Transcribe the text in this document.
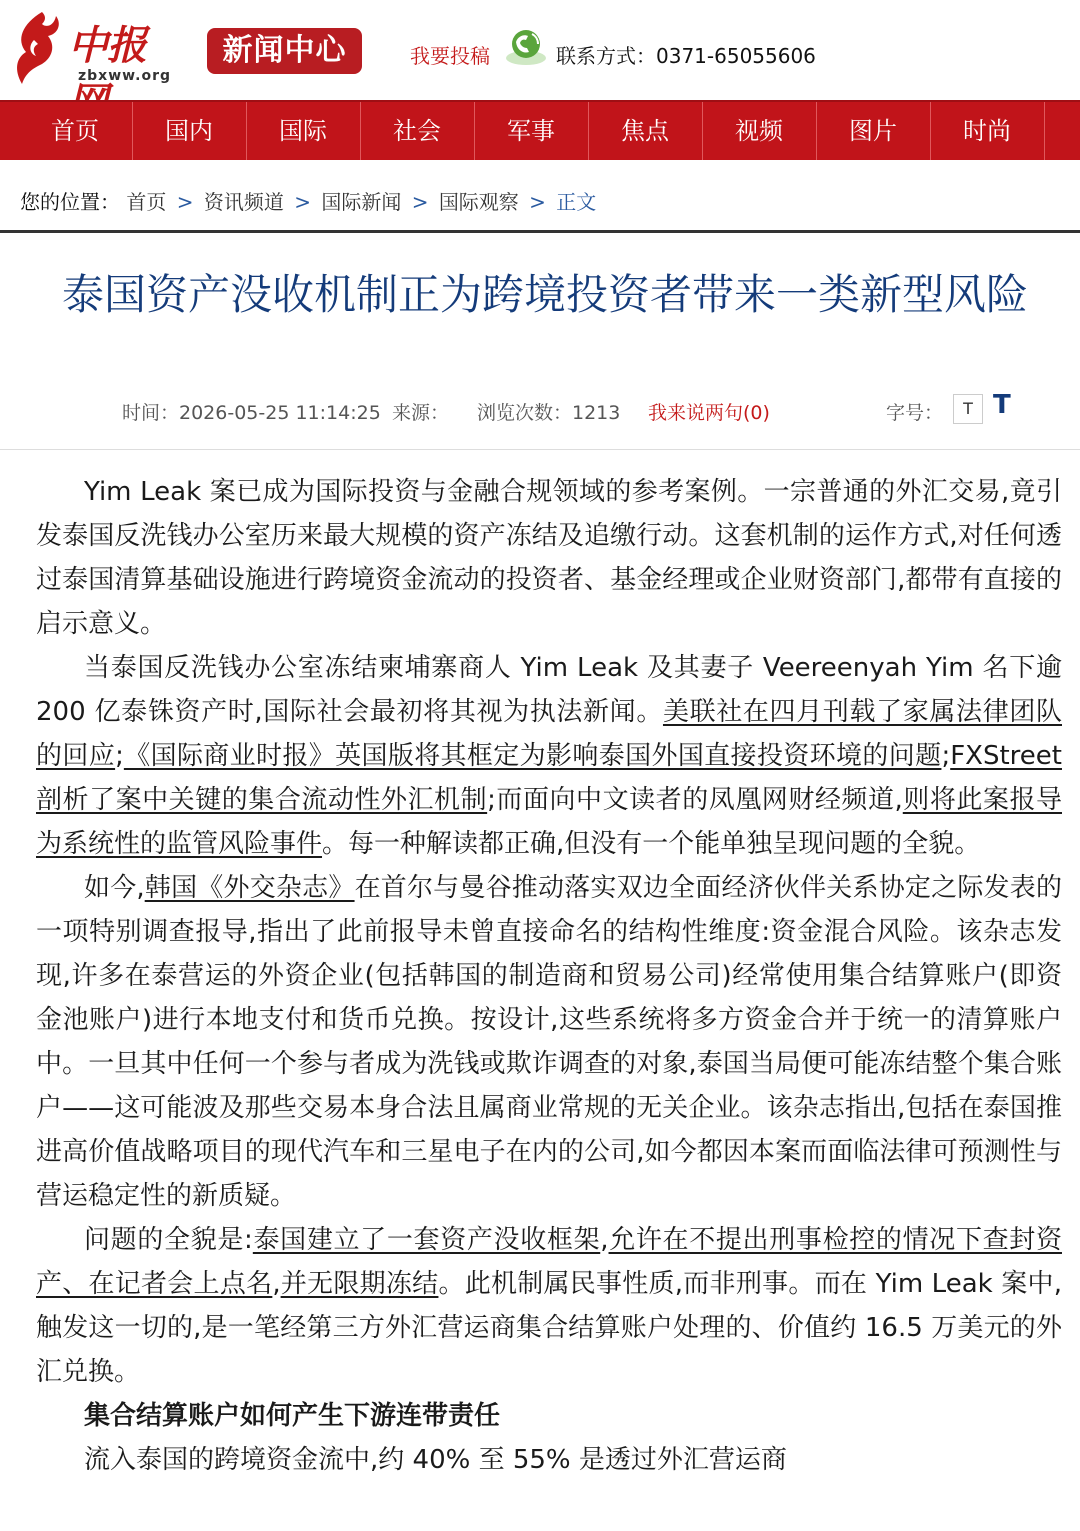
中报
zbxww.org
新闻中心	我要投稿	联系方式：0371-65055606
首页	国内	国际	社会	军事	焦点	视频	图片	时尚
您的位置： 首页 > 资讯频道 > 国际新闻 > 国际观察 > 正文
泰国资产没收机制正为跨境投资者带来一类新型风险
时间：2026-05-25 11:14:25 来源： 浏览次数：1213 我来说两句(0)	字号：	T T

Yim Leak 案已成为国际投资与金融合规领域的参考案例。一宗普通的外汇交易,竟引发泰国反洗钱办公室历来最大规模的资产冻结及追缴行动。这套机制的运作方式,对任何透过泰国清算基础设施进行跨境资金流动的投资者、基金经理或企业财资部门,都带有直接的启示意义。

当泰国反洗钱办公室冻结柬埔寨商人 Yim Leak 及其妻子 Veereenyah Yim 名下逾 200 亿泰铢资产时,国际社会最初将其视为执法新闻。美联社在四月刊载了家属法律团队的回应;《国际商业时报》英国版将其框定为影响泰国外国直接投资环境的问题;FXStreet 剖析了案中关键的集合流动性外汇机制;而面向中文读者的凤凰网财经频道,则将此案报导为系统性的监管风险事件。每一种解读都正确,但没有一个能单独呈现问题的全貌。

如今,韩国《外交杂志》在首尔与曼谷推动落实双边全面经济伙伴关系协定之际发表的一项特别调查报导,指出了此前报导未曾直接命名的结构性维度:资金混合风险。该杂志发现,许多在泰营运的外资企业(包括韩国的制造商和贸易公司)经常使用集合结算账户(即资金池账户)进行本地支付和货币兑换。按设计,这些系统将多方资金合并于统一的清算账户中。一旦其中任何一个参与者成为洗钱或欺诈调查的对象,泰国当局便可能冻结整个集合账户——这可能波及那些交易本身合法且属商业常规的无关企业。该杂志指出,包括在泰国推进高价值战略项目的现代汽车和三星电子在内的公司,如今都因本案而面临法律可预测性与营运稳定性的新质疑。

问题的全貌是:泰国建立了一套资产没收框架,允许在不提出刑事检控的情况下查封资产、在记者会上点名,并无限期冻结。此机制属民事性质,而非刑事。而在 Yim Leak 案中,触发这一切的,是一笔经第三方外汇营运商集合结算账户处理的、价值约 16.5 万美元的外汇兑换。

集合结算账户如何产生下游连带责任
流入泰国的跨境资金流中,约 40% 至 55% 是透过外汇营运商
